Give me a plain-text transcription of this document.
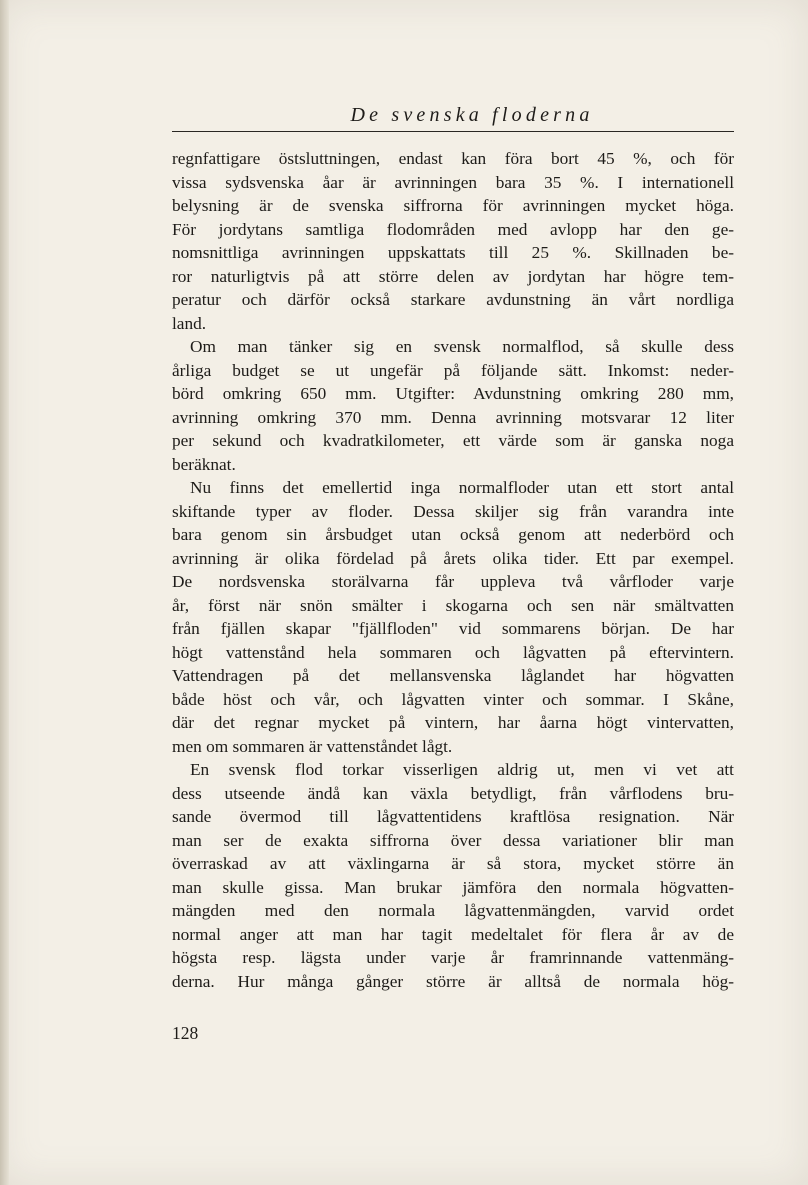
De svenska floderna
regnfattigare östsluttningen, endast kan föra bort 45 %, och för
vissa sydsvenska åar är avrinningen bara 35 %. I internationell
belysning är de svenska siffrorna för avrinningen mycket höga.
För jordytans samtliga flodområden med avlopp har den ge-
nomsnittliga avrinningen uppskattats till 25 %. Skillnaden be-
ror naturligtvis på att större delen av jordytan har högre tem-
peratur och därför också starkare avdunstning än vårt nordliga
land.
Om man tänker sig en svensk normalflod, så skulle dess
årliga budget se ut ungefär på följande sätt. Inkomst: neder-
börd omkring 650 mm. Utgifter: Avdunstning omkring 280 mm,
avrinning omkring 370 mm. Denna avrinning motsvarar 12 liter
per sekund och kvadratkilometer, ett värde som är ganska noga
beräknat.
Nu finns det emellertid inga normalfloder utan ett stort antal
skiftande typer av floder. Dessa skiljer sig från varandra inte
bara genom sin årsbudget utan också genom att nederbörd och
avrinning är olika fördelad på årets olika tider. Ett par exempel.
De nordsvenska storälvarna får uppleva två vårfloder varje
år, först när snön smälter i skogarna och sen när smältvatten
från fjällen skapar "fjällfloden" vid sommarens början. De har
högt vattenstånd hela sommaren och lågvatten på eftervintern.
Vattendragen på det mellansvenska låglandet har högvatten
både höst och vår, och lågvatten vinter och sommar. I Skåne,
där det regnar mycket på vintern, har åarna högt vintervatten,
men om sommaren är vattenståndet lågt.
En svensk flod torkar visserligen aldrig ut, men vi vet att
dess utseende ändå kan växla betydligt, från vårflodens bru-
sande övermod till lågvattentidens kraftlösa resignation. När
man ser de exakta siffrorna över dessa variationer blir man
överraskad av att växlingarna är så stora, mycket större än
man skulle gissa. Man brukar jämföra den normala högvatten-
mängden med den normala lågvattenmängden, varvid ordet
normal anger att man har tagit medeltalet för flera år av de
högsta resp. lägsta under varje år framrinnande vattenmäng-
derna. Hur många gånger större är alltså de normala hög-
128
